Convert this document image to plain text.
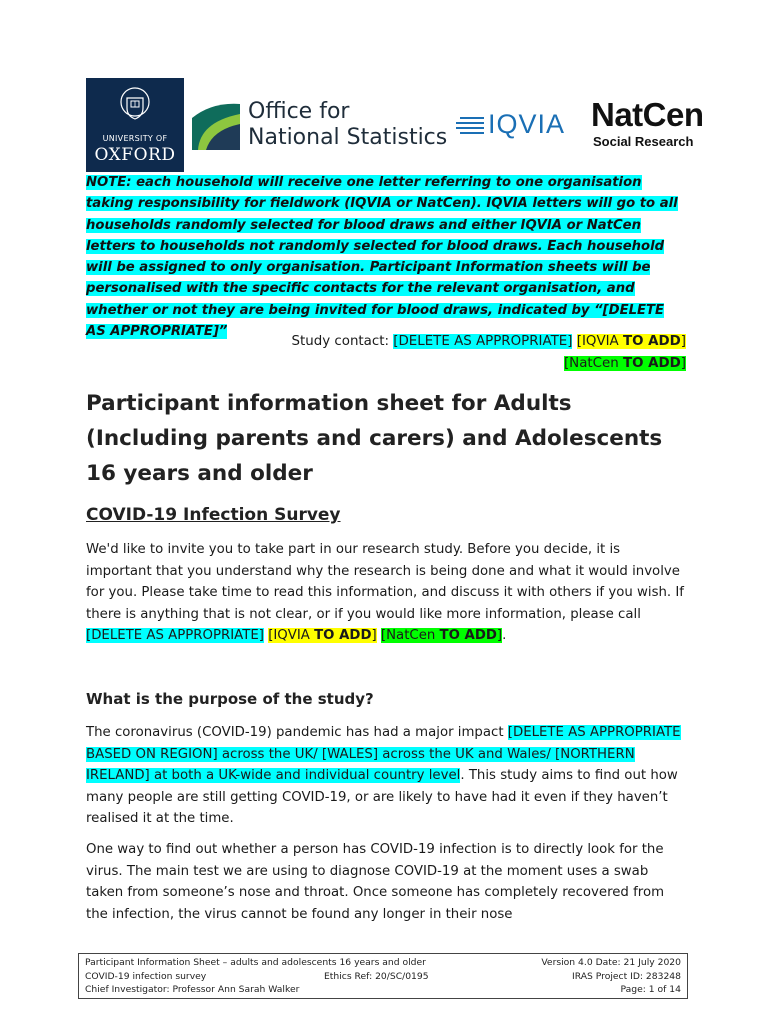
UNIVERSITY OF
OXFORD
Office for
National Statistics IQVIA NatCen
Social Research
NOTE: each household will receive one letter referring to one organisation taking responsibility for fieldwork (IQVIA or NatCen). IQVIA letters will go to all households randomly selected for blood draws and either IQVIA or NatCen letters to households not randomly selected for blood draws. Each household will be assigned to only organisation. Participant Information sheets will be personalised with the specific contacts for the relevant organisation, and whether or not they are being invited for blood draws, indicated by “[DELETE AS APPROPRIATE]”
Study contact: [DELETE AS APPROPRIATE] [IQVIA TO ADD]
[NatCen TO ADD]
Participant information sheet for Adults (Including parents and carers) and Adolescents 16 years and older
COVID-19 Infection Survey

We'd like to invite you to take part in our research study. Before you decide, it is important that you understand why the research is being done and what it would involve for you. Please take time to read this information, and discuss it with others if you wish. If there is anything that is not clear, or if you would like more information, please call [DELETE AS APPROPRIATE] [IQVIA TO ADD] [NatCen TO ADD].

What is the purpose of the study?

The coronavirus (COVID-19) pandemic has had a major impact [DELETE AS APPROPRIATE BASED ON REGION] across the UK/ [WALES] across the UK and Wales/ [NORTHERN IRELAND] at both a UK-wide and individual country level. This study aims to find out how many people are still getting COVID-19, or are likely to have had it even if they haven’t realised it at the time.

One way to find out whether a person has COVID-19 infection is to directly look for the virus. The main test we are using to diagnose COVID-19 at the moment uses a swab taken from someone’s nose and throat. Once someone has completely recovered from the infection, the virus cannot be found any longer in their nose

Participant Information Sheet – adults and adolescents 16 years and older
COVID-19 infection survey
Chief Investigator: Professor Ann Sarah Walker
Ethics Ref: 20/SC/0195
Version 4.0 Date: 21 July 2020
IRAS Project ID: 283248
Page: 1 of 14
